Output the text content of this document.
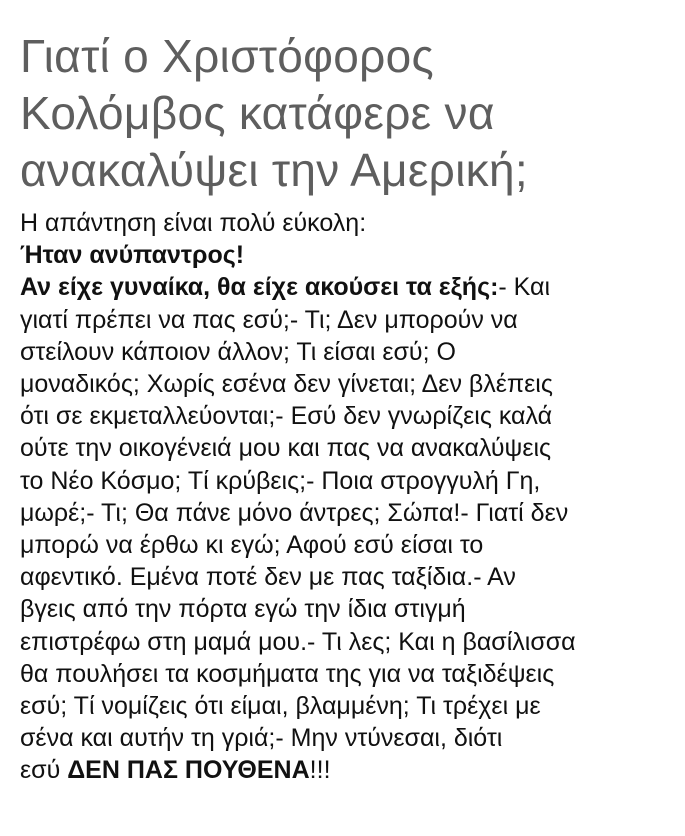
Γιατί ο Χριστόφορος
Κολόμβος κατάφερε να
ανακαλύψει την Αμερική;
Η απάντηση είναι πολύ εύκολη:
Ήταν ανύπαντρος!
Αν είχε γυναίκα, θα είχε ακούσει τα εξής:- Και
γιατί πρέπει να πας εσύ;- Τι; Δεν μπορούν να
στείλουν κάποιον άλλον; Τι είσαι εσύ; Ο
μοναδικός; Χωρίς εσένα δεν γίνεται; Δεν βλέπεις
ότι σε εκμεταλλεύονται;- Εσύ δεν γνωρίζεις καλά
ούτε την οικογένειά μου και πας να ανακαλύψεις
το Νέο Κόσμο; Τί κρύβεις;- Ποια στρογγυλή Γη,
μωρέ;- Τι; Θα πάνε μόνο άντρες; Σώπα!- Γιατί δεν
μπορώ να έρθω κι εγώ; Αφού εσύ είσαι το
αφεντικό. Εμένα ποτέ δεν με πας ταξίδια.- Αν
βγεις από την πόρτα εγώ την ίδια στιγμή
επιστρέφω στη μαμά μου.- Τι λες; Και η βασίλισσα
θα πουλήσει τα κοσμήματα της για να ταξιδέψεις
εσύ; Τί νομίζεις ότι είμαι, βλαμμένη; Τι τρέχει με
σένα και αυτήν τη γριά;- Μην ντύνεσαι, διότι
εσύ ΔΕΝ ΠΑΣ ΠΟΥΘΕΝΑ!!!
